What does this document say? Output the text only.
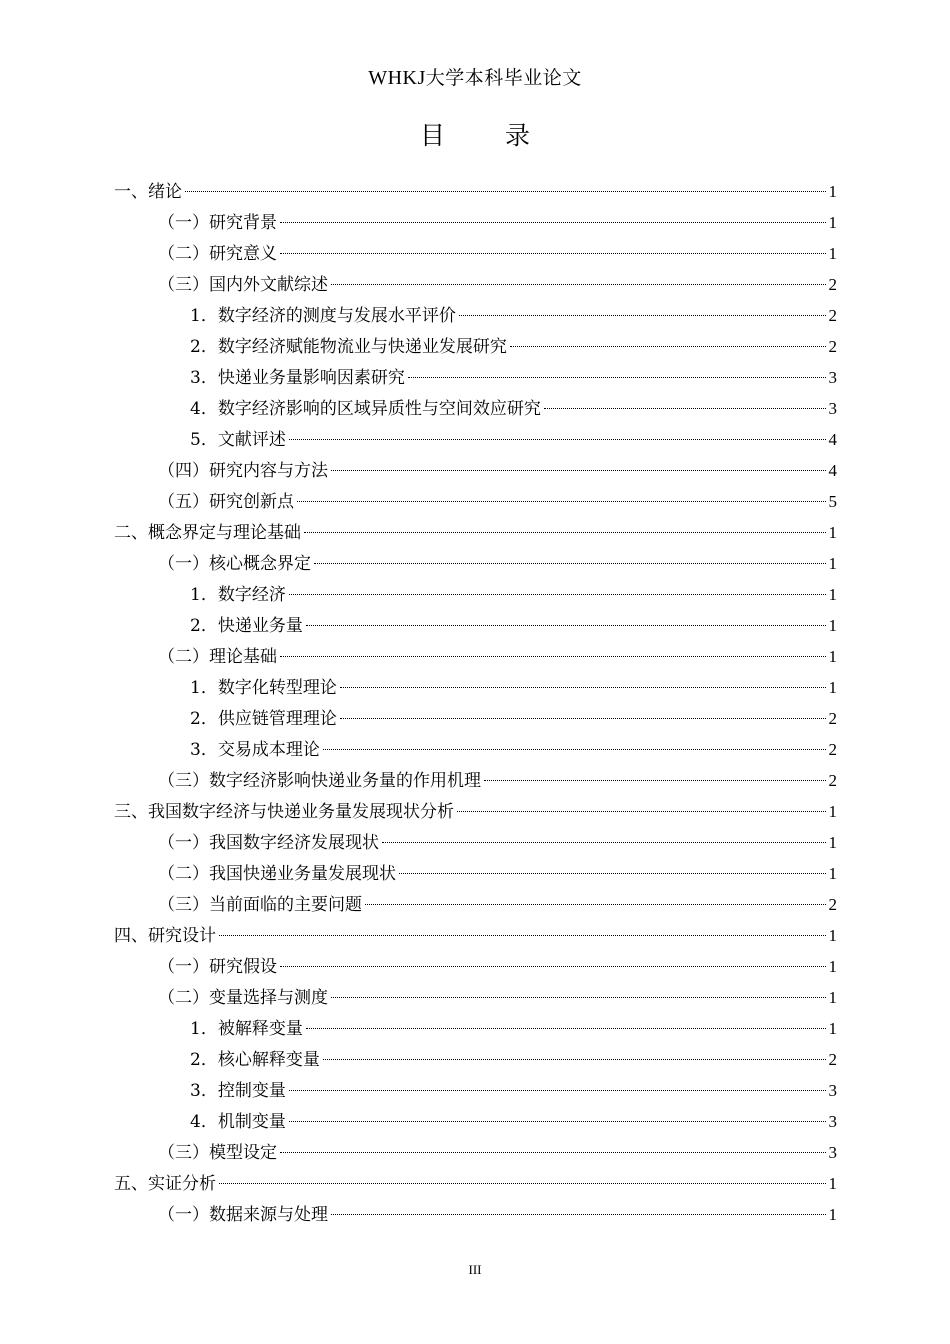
WHKJ大学本科毕业论文
目 录
一、绪论	1
（一）研究背景	1
（二）研究意义	1
（三）国内外文献综述	2
1．数字经济的测度与发展水平评价	2
2．数字经济赋能物流业与快递业发展研究	2
3．快递业务量影响因素研究	3
4．数字经济影响的区域异质性与空间效应研究	3
5．文献评述	4
（四）研究内容与方法	4
（五）研究创新点	5
二、概念界定与理论基础	1
（一）核心概念界定	1
1．数字经济	1
2．快递业务量	1
（二）理论基础	1
1．数字化转型理论	1
2．供应链管理理论	2
3．交易成本理论	2
（三）数字经济影响快递业务量的作用机理	2
三、我国数字经济与快递业务量发展现状分析	1
（一）我国数字经济发展现状	1
（二）我国快递业务量发展现状	1
（三）当前面临的主要问题	2
四、研究设计	1
（一）研究假设	1
（二）变量选择与测度	1
1．被解释变量	1
2．核心解释变量	2
3．控制变量	3
4．机制变量	3
（三）模型设定	3
五、实证分析	1
（一）数据来源与处理	1
III
